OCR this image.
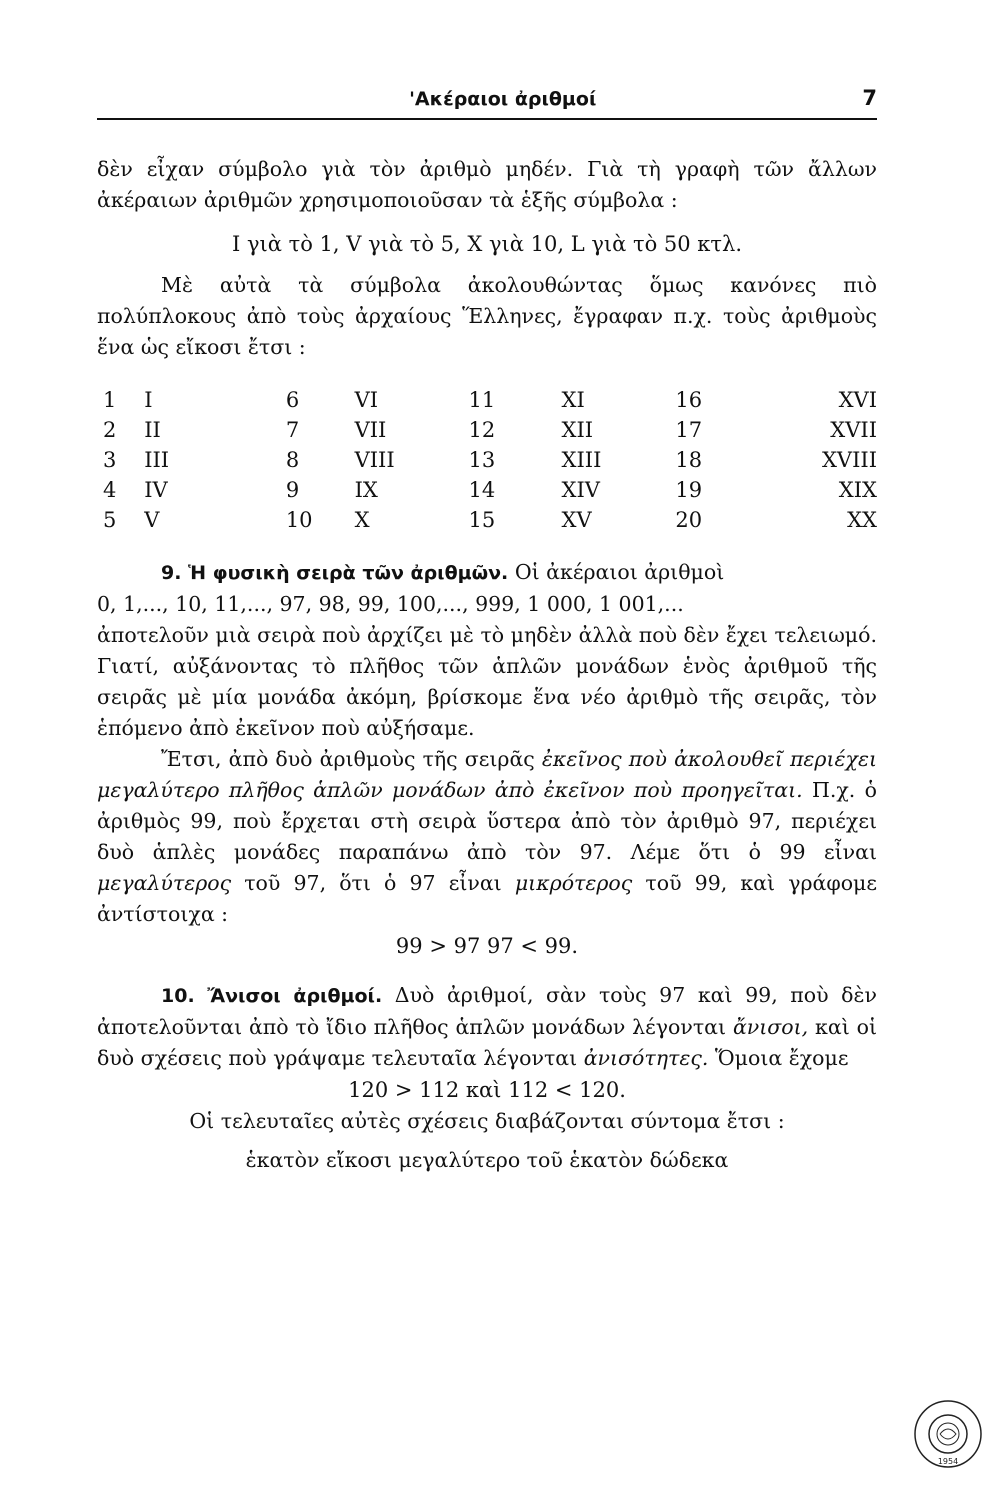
'Ακέραιοι ἀριθμοί	7

δὲν εἶχαν σύμβολο γιὰ τὸν ἀριθμὸ μηδέν. Γιὰ τὴ γραφὴ τῶν ἄλλων ἀκέραιων ἀριθμῶν χρησιμοποιοῦσαν τὰ ἑξῆς σύμβολα :

I γιὰ τὸ 1, V γιὰ τὸ 5, X γιὰ 10, L γιὰ τὸ 50 κτλ.

Μὲ αὐτὰ τὰ σύμβολα ἀκολουθώντας ὅμως κανόνες πιὸ πολύπλοκους ἀπὸ τοὺς ἀρχαίους Ἕλληνες, ἔγραφαν π.χ. τοὺς ἀριθμοὺς ἕνα ὡς εἴκοσι ἔτσι :

1	I	6	VI	11	XI	16	XVI
2	II	7	VII	12	XII	17	XVII
3	III	8	VIII	13	XIII	18	XVIII
4	IV	9	IX	14	XIV	19	XIX
5	V	10	X	15	XV	20	XX

9. Ἡ φυσικὴ σειρὰ τῶν ἀριθμῶν. Οἱ ἀκέραιοι ἀριθμοὶ

0, 1,..., 10, 11,..., 97, 98, 99, 100,..., 999, 1 000, 1 001,...

ἀποτελοῦν μιὰ σειρὰ ποὺ ἀρχίζει μὲ τὸ μηδὲν ἀλλὰ ποὺ δὲν ἔχει τελειωμό. Γιατί, αὐξάνοντας τὸ πλῆθος τῶν ἁπλῶν μονάδων ἑνὸς ἀριθμοῦ τῆς σειρᾶς μὲ μία μονάδα ἀκόμη, βρίσκομε ἕνα νέο ἀριθμὸ τῆς σειρᾶς, τὸν ἑπόμενο ἀπὸ ἐκεῖνον ποὺ αὐξήσαμε.

Ἔτσι, ἀπὸ δυὸ ἀριθμοὺς τῆς σειρᾶς ἐκεῖνος ποὺ ἀκολουθεῖ περιέχει μεγαλύτερο πλῆθος ἁπλῶν μονάδων ἀπὸ ἐκεῖνον ποὺ προηγεῖται. Π.χ. ὁ ἀριθμὸς 99, ποὺ ἔρχεται στὴ σειρὰ ὕστερα ἀπὸ τὸν ἀριθμὸ 97, περιέχει δυὸ ἁπλὲς μονάδες παραπάνω ἀπὸ τὸν 97. Λέμε ὅτι ὁ 99 εἶναι μεγαλύτερος τοῦ 97, ὅτι ὁ 97 εἶναι μικρότερος τοῦ 99, καὶ γράφομε ἀντίστοιχα :

99 > 97 97 < 99.

10. Ἄνισοι ἀριθμοί. Δυὸ ἀριθμοί, σὰν τοὺς 97 καὶ 99, ποὺ δὲν ἀποτελοῦνται ἀπὸ τὸ ἴδιο πλῆθος ἁπλῶν μονάδων λέγονται ἄνισοι, καὶ οἱ δυὸ σχέσεις ποὺ γράψαμε τελευταῖα λέγονται ἀνισότητες. Ὅμοια ἔχομε

120 > 112 καὶ 112 < 120.

Οἱ τελευταῖες αὐτὲς σχέσεις διαβάζονται σύντομα ἔτσι :

ἑκατὸν εἴκοσι μεγαλύτερο τοῦ ἑκατὸν δώδεκα

1954
